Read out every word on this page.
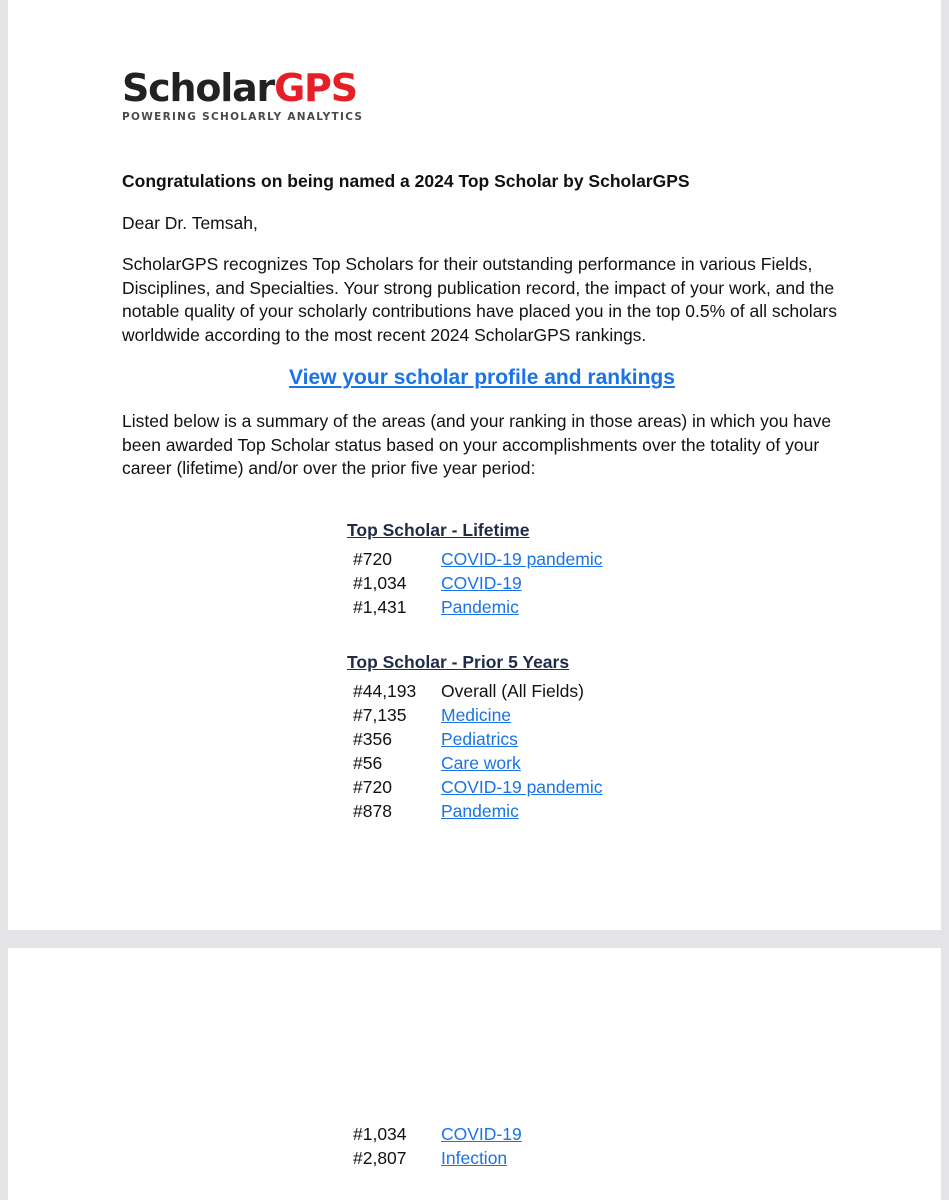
ScholarGPS
POWERING SCHOLARLY ANALYTICS

Congratulations on being named a 2024 Top Scholar by ScholarGPS

Dear Dr. Temsah,

ScholarGPS recognizes Top Scholars for their outstanding performance in various Fields, Disciplines, and Specialties. Your strong publication record, the impact of your work, and the notable quality of your scholarly contributions have placed you in the top 0.5% of all scholars worldwide according to the most recent 2024 ScholarGPS rankings.

View your scholar profile and rankings

Listed below is a summary of the areas (and your ranking in those areas) in which you have been awarded Top Scholar status based on your accomplishments over the totality of your career (lifetime) and/or over the prior five year period:

Top Scholar - Lifetime
#720	COVID-19 pandemic
#1,034	COVID-19
#1,431	Pandemic
Top Scholar - Prior 5 Years
#44,193	Overall (All Fields)
#7,135	Medicine
#356	Pediatrics
#56	Care work
#720	COVID-19 pandemic
#878	Pandemic
#1,034	COVID-19
#2,807	Infection
